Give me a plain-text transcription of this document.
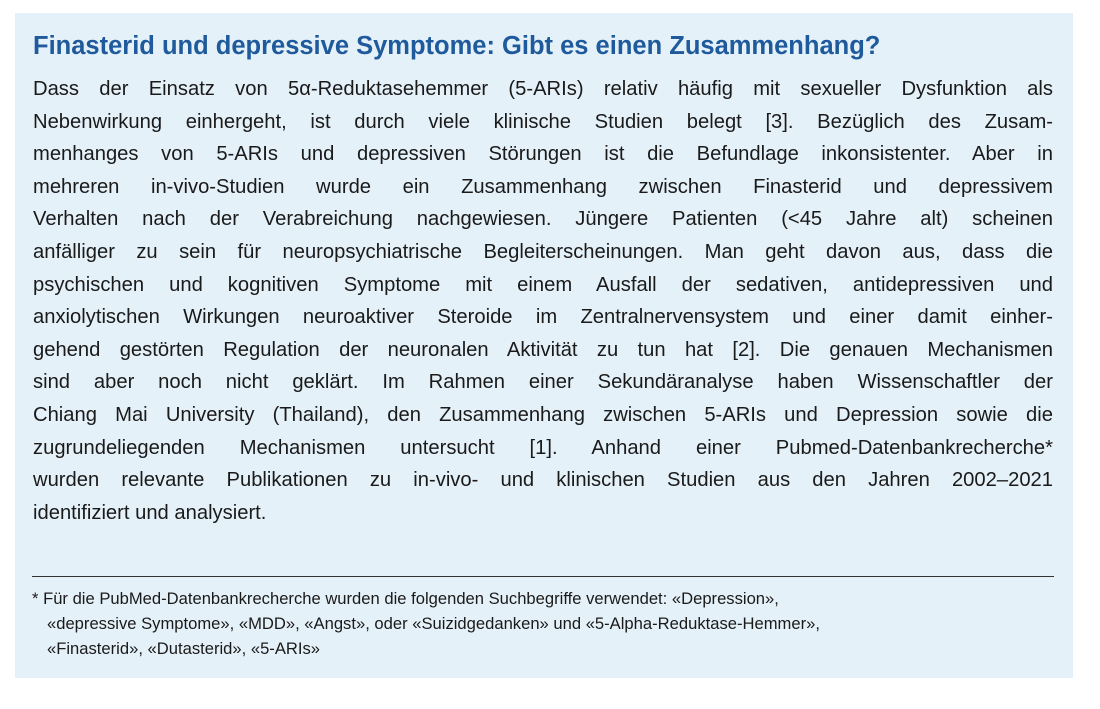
Finasterid und depressive Symptome: Gibt es einen Zusammenhang?

Dass der Einsatz von 5α-Reduktasehemmer (5-ARIs) relativ häufig mit sexueller Dysfunktion als
Nebenwirkung einhergeht, ist durch viele klinische Studien belegt [3]. Bezüglich des Zusam-
menhanges von 5-ARIs und depressiven Störungen ist die Befundlage inkonsistenter. Aber in
mehreren in-vivo-Studien wurde ein Zusammenhang zwischen Finasterid und depressivem
Verhalten nach der Verabreichung nachgewiesen. Jüngere Patienten (<45 Jahre alt) scheinen
anfälliger zu sein für neuropsychiatrische Begleiterscheinungen. Man geht davon aus, dass die
psychischen und kognitiven Symptome mit einem Ausfall der sedativen, antidepressiven und
anxiolytischen Wirkungen neuroaktiver Steroide im Zentralnervensystem und einer damit einher-
gehend gestörten Regulation der neuronalen Aktivität zu tun hat [2]. Die genauen Mechanismen
sind aber noch nicht geklärt. Im Rahmen einer Sekundäranalyse haben Wissenschaftler der
Chiang Mai University (Thailand), den Zusammenhang zwischen 5-ARIs und Depression sowie die
zugrundeliegenden Mechanismen untersucht [1]. Anhand einer Pubmed-Datenbankrecherche*
wurden relevante Publikationen zu in-vivo- und klinischen Studien aus den Jahren 2002–2021
identifiziert und analysiert.

* Für die PubMed-Datenbankrecherche wurden die folgenden Suchbegriffe verwendet: «Depression»,
«depressive Symptome», «MDD», «Angst», oder «Suizidgedanken» und «5-Alpha-Reduktase-Hemmer»,
«Finasterid», «Dutasterid», «5-ARIs»
